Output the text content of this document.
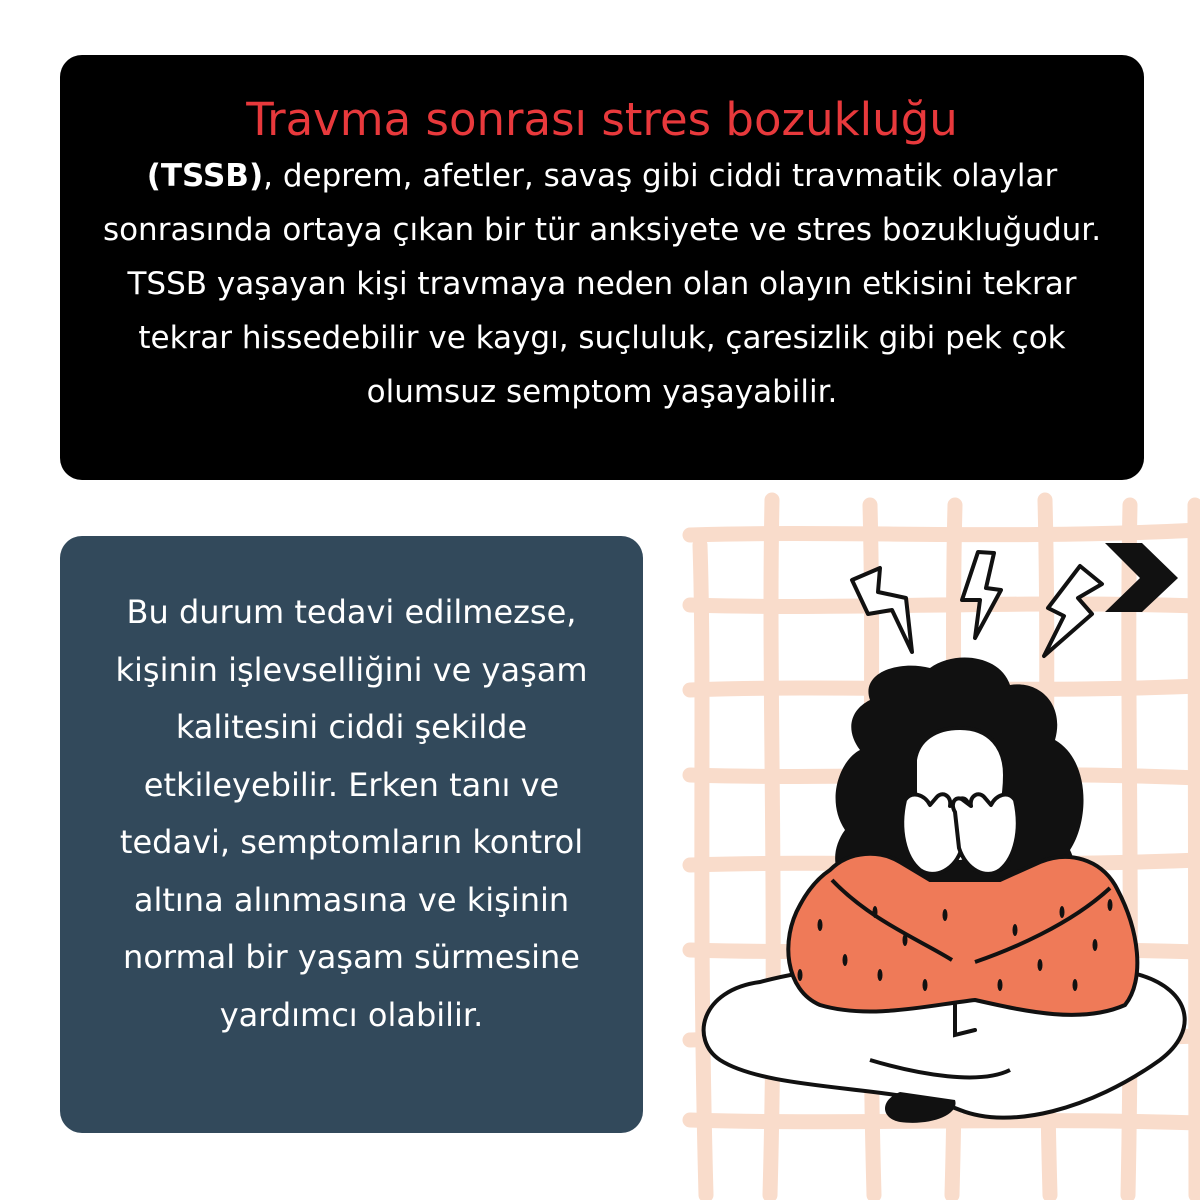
Travma sonrası stres bozukluğu

(TSSB), deprem, afetler, savaş gibi ciddi travmatik olaylar sonrasında ortaya çıkan bir tür anksiyete ve stres bozukluğudur. TSSB yaşayan kişi travmaya neden olan olayın etkisini tekrar tekrar hissedebilir ve kaygı, suçluluk, çaresizlik gibi pek çok olumsuz semptom yaşayabilir.

Bu durum tedavi edilmezse, kişinin işlevselliğini ve yaşam kalitesini ciddi şekilde etkileyebilir. Erken tanı ve tedavi, semptomların kontrol altına alınmasına ve kişinin normal bir yaşam sürmesine yardımcı olabilir.
